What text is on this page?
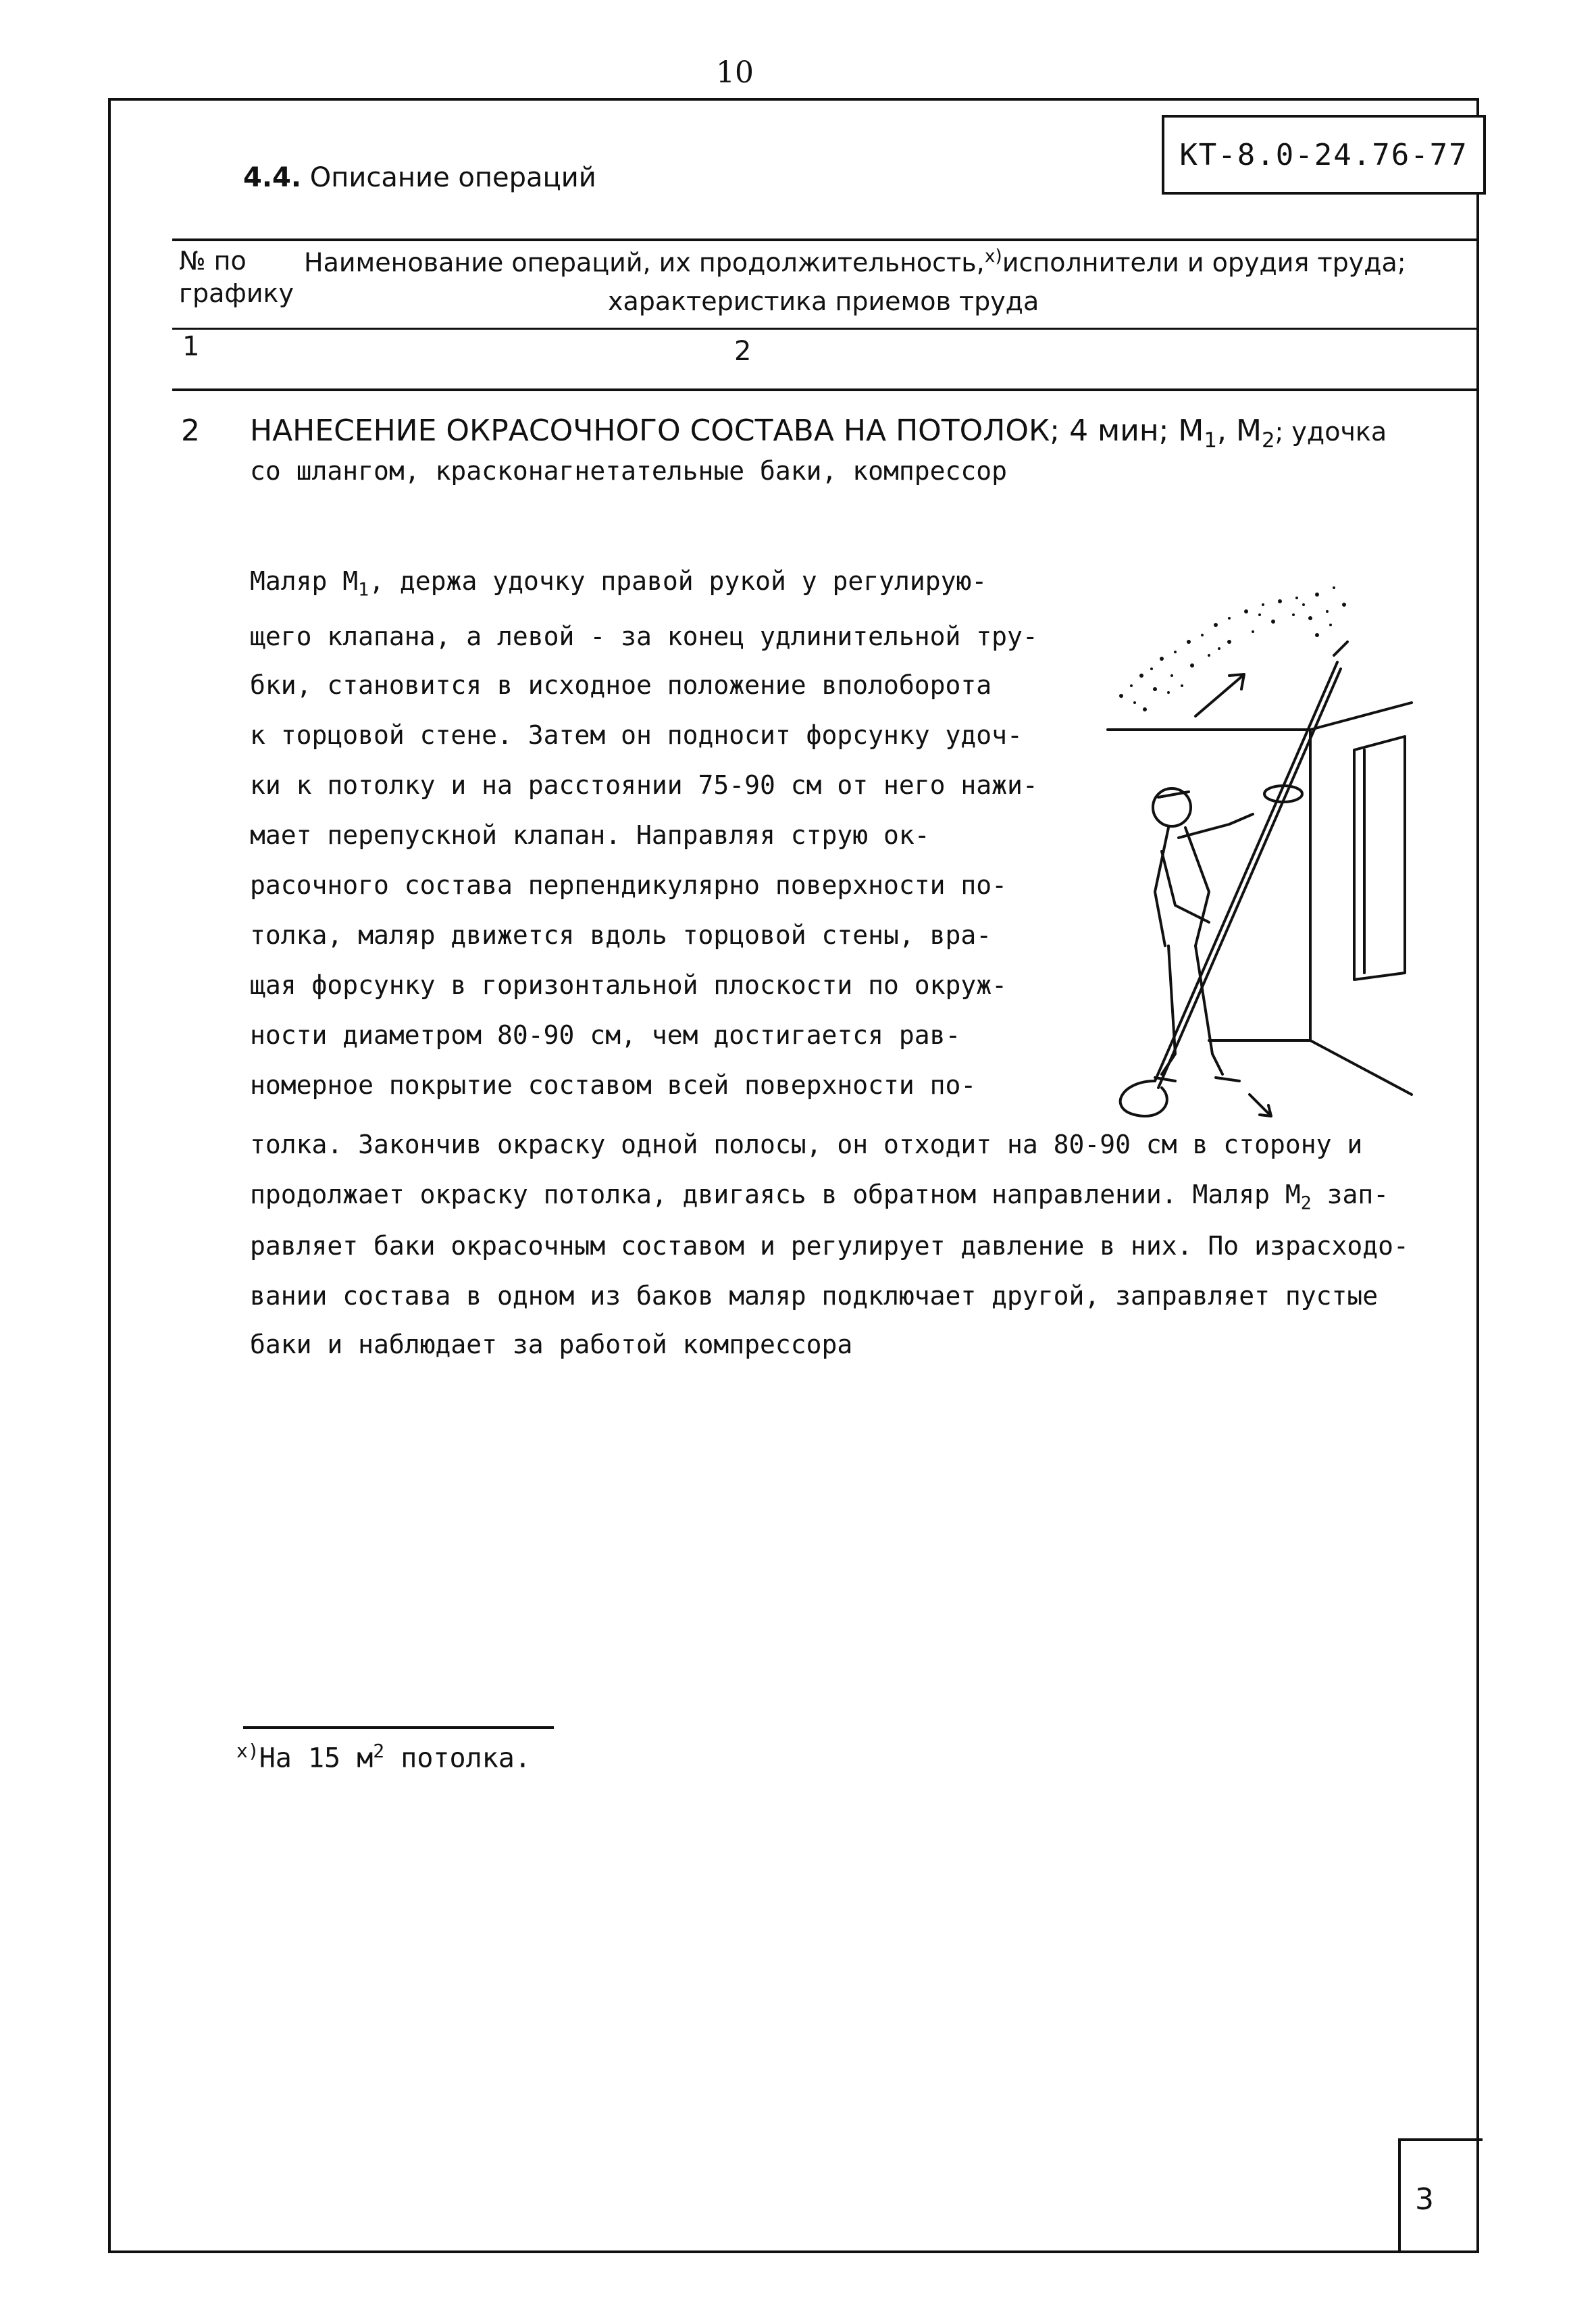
10
КТ-8.0-24.76-77
4.4. Описание операций
№ по
графику
Наименование операций, их продолжительность,$^{x)}$исполнители и орудия труда;
характеристика приемов труда
1	2
2 НАНЕСЕНИЕ ОКРАСОЧНОГО СОСТАВА НА ПОТОЛОК; 4 мин; $М_1$, $М_2$; удочка
со шлангом, красконагнетательные баки, компрессор
Маляр $М_1$, держа удочку правой рукой у регулирую-
щего клапана, а левой - за конец удлинительной тру-
бки, становится в исходное положение вполоборота
к торцовой стене. Затем он подносит форсунку удоч-
ки к потолку и на расстоянии 75-90 см от него нажи-
мает перепускной клапан. Направляя струю ок-
расочного состава перпендикулярно поверхности по-
толка, маляр движется вдоль торцовой стены, вра-
щая форсунку в горизонтальной плоскости по окруж-
ности диаметром 80-90 см, чем достигается рав-
номерное покрытие составом всей поверхности по-
толка. Закончив окраску одной полосы, он отходит на 80-90 см в сторону и
продолжает окраску потолка, двигаясь в обратном направлении. Маляр $М_2$ зап-
равляет баки окрасочным составом и регулирует давление в них. По израсходо-
вании состава в одном из баков маляр подключает другой, заправляет пустые
баки и наблюдает за работой компрессора
$^{x)}$На 15 $м^2$ потолка.
3
